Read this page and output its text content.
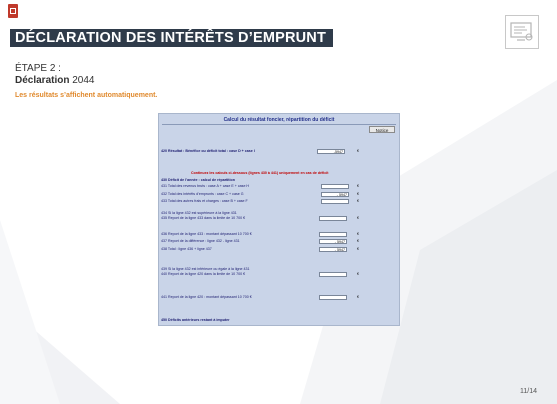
DÉCLARATION DES INTÉRÊTS D’EMPRUNT
ÉTAPE 2 :
Déclaration 2044
Les résultats s’affichent automatiquement.
Calcul du résultat foncier, répartition du déficit
Notice
420 Résultat : Bénéfice ou déficit total : case D + case I	-5947	€
Continuez les calculs ci-dessous (lignes 430 à 441) uniquement en cas de déficit
430 Déficit de l’année : calcul de répartition
431 Total des revenus bruts : case A + case E + case H	€
432 Total des intérêts d’emprunts : case C + case G	- 5947	€
433 Total des autres frais et charges : case B + case F	€
434 Si la ligne 432 est supérieure à la ligne 431
435 Report de la ligne 433 dans la limite de 10 700 €	€
436 Report de la ligne 433 : montant dépassant 10 700 €	€
437 Report de la différence : ligne 432 - ligne 431	- 5947	€
438 Total : ligne 436 + ligne 437	- 5947	€
439 Si la ligne 432 est inférieure ou égale à la ligne 431
440 Report de la ligne 420 dans la limite de 10 700 €	€
441 Report de la ligne 420 : montant dépassant 10 700 €	€
450 Déficits antérieurs restant à imputer
11/14
